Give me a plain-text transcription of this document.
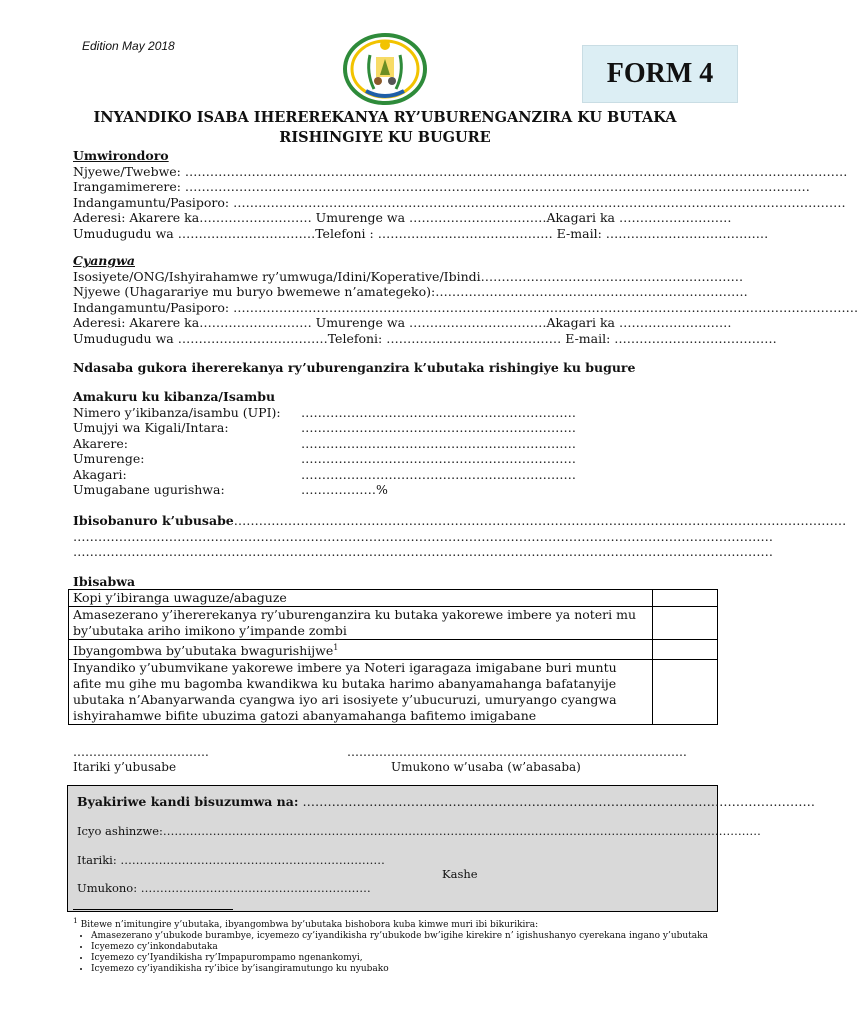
Edition May 2018
FORM 4
INYANDIKO ISABA IHEREREKANYA RY’UBURENGANZIRA KU BUTAKA
RISHINGIYE KU BUGURE
Umwirondoro
Njyewe/Twebwe: ……………………………………………………………………………………………………………………………………………
Irangamimerere: ……………………………………………………………………………………………………………………………………
Indangamuntu/Pasiporo: …………………………………………………………………………………………………………………………………
Aderesi: Akarere ka……………………… Umurenge wa ……………………………Akagari ka ………………………
Umudugudu wa ……………………………Telefoni : …………………………………… E-mail: …………………………………
Cyangwa
Isosiyete/ONG/Ishyirahamwe ry’umwuga/Idini/Koperative/Ibindi………………………………………………………
Njyewe (Uhagarariye mu buryo bwemewe n’amategeko):…………………………………………………………………
Indangamuntu/Pasiporo: ……………………………………………………………………………………………………………………………………
Aderesi: Akarere ka……………………… Umurenge wa ……………………………Akagari ka ………………………
Umudugudu wa ………………………………Telefoni: …………………………………… E-mail: …………………………………
Ndasaba gukora ihererekanya ry’uburenganzira k’ubutaka rishingiye ku bugure
Amakuru ku kibanza/Isambu
Nimero y’ikibanza/isambu (UPI):	…………………………………………………………
Umujyi wa Kigali/Intara:	…………………………………………………………
Akarere:	…………………………………………………………
Umurenge:	…………………………………………………………
Akagari:	…………………………………………………………
Umugabane ugurishwa:	………………%
Ibisobanuro k’ubusabe…………………………………………………………………………………………………………………………………
……………………………………………………………………………………………………………………………………………………
……………………………………………………………………………………………………………………………………………………
Ibisabwa
Kopi y’ibiranga uwaguze/abaguze	
Amasezerano y’ihererekanya ry’uburenganzira ku butaka yakorewe imbere ya noteri mu by’ubutaka ariho imikono y’impande zombi	
Ibyangombwa by’ubutaka bwagurishijwe$^1$	
Inyandiko y’ubumvikane yakorewe imbere ya Noteri igaragaza imigabane buri muntu afite mu gihe mu bagomba kwandikwa ku butaka harimo abanyamahanga bafatanyije ubutaka n’Abanyarwanda cyangwa iyo ari isosiyete y’ubucuruzi, umuryango cyangwa ishyirahamwe bifite ubuzima gatozi abanyamahanga bafitemo imigabane	
…………………………….
Itariki y’ubusabe
………………………………………………………………………….
Umukono w’usaba (w’abasaba)
Byakiriwe kandi bisuzumwa na: ……………………………………………………………………………………………………………
Icyo ashinzwe:…………………………………………………………………………………………………………………………………………
Itariki: ……………………………………………………………
Kashe
Umukono: ……………………………………………………
$^1$ Bitewe n’imitungire y’ubutaka, ibyangombwa by’ubutaka bishobora kuba kimwe muri ibi bikurikira:
• Amasezerano y’ubukode burambye, icyemezo cy’iyandikisha ry’ubukode bw’igihe kirekire n’ igishushanyo cyerekana ingano y’ubutaka
• Icyemezo cy’inkondabutaka
• Icyemezo cy’Iyandikisha ry’Impapurompamo ngenankomyi,
• Icyemezo cy’iyandikisha ry’ibice by’isangiramutungo ku nyubako
